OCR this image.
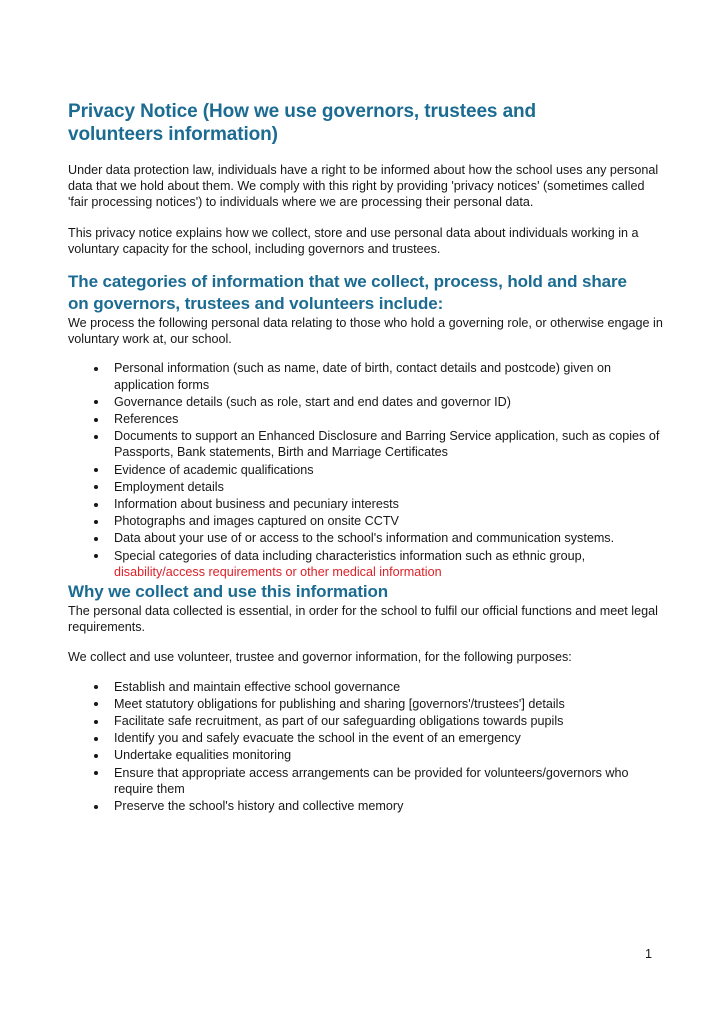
Privacy Notice (How we use governors, trustees and volunteers information)

Under data protection law, individuals have a right to be informed about how the school uses any personal data that we hold about them. We comply with this right by providing 'privacy notices' (sometimes called 'fair processing notices') to individuals where we are processing their personal data.

This privacy notice explains how we collect, store and use personal data about individuals working in a voluntary capacity for the school, including governors and trustees.

The categories of information that we collect, process, hold and share on governors, trustees and volunteers include:

We process the following personal data relating to those who hold a governing role, or otherwise engage in voluntary work at, our school.

Personal information (such as name, date of birth, contact details and postcode) given on application forms
Governance details (such as role, start and end dates and governor ID)
References
Documents to support an Enhanced Disclosure and Barring Service application, such as copies of Passports, Bank statements, Birth and Marriage Certificates
Evidence of academic qualifications
Employment details
Information about business and pecuniary interests
Photographs and images captured on onsite CCTV
Data about your use of or access to the school's information and communication systems.
Special categories of data including characteristics information such as ethnic group, disability/access requirements or other medical information
Why we collect and use this information

The personal data collected is essential, in order for the school to fulfil our official functions and meet legal requirements.

We collect and use volunteer, trustee and governor information, for the following purposes:

Establish and maintain effective school governance
Meet statutory obligations for publishing and sharing [governors'/trustees'] details
Facilitate safe recruitment, as part of our safeguarding obligations towards pupils
Identify you and safely evacuate the school in the event of an emergency
Undertake equalities monitoring
Ensure that appropriate access arrangements can be provided for volunteers/governors who require them
Preserve the school's history and collective memory
1
